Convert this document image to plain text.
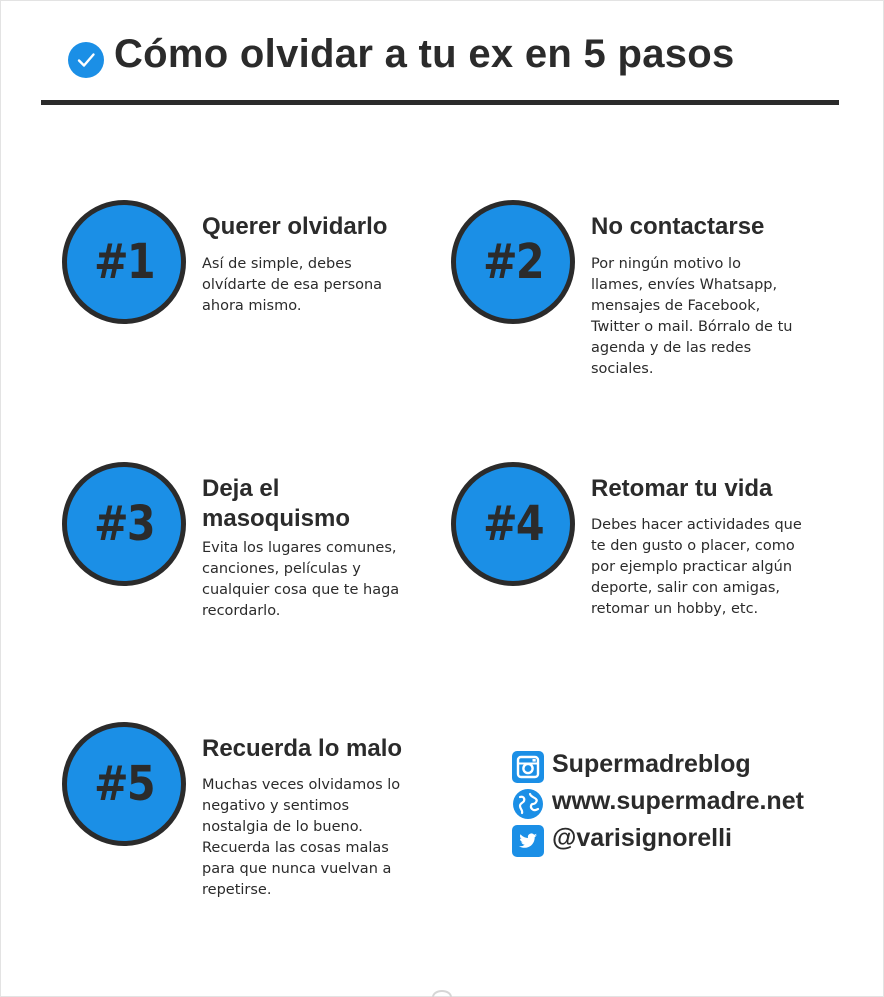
Cómo olvidar a tu ex en 5 pasos
#1
Querer olvidarlo

Así de simple, debes olvídarte de esa persona ahora mismo.

#2
No contactarse

Por ningún motivo lo llames, envíes Whatsapp, mensajes de Facebook, Twitter o mail. Bórralo de tu agenda y de las redes sociales.

#3
Deja el masoquismo

Evita los lugares comunes, canciones, películas y cualquier cosa que te haga recordarlo.

#4
Retomar tu vida

Debes hacer actividades que te den gusto o placer, como por ejemplo practicar algún deporte, salir con amigas, retomar un hobby, etc.

#5
Recuerda lo malo

Muchas veces olvidamos lo negativo y sentimos nostalgia de lo bueno. Recuerda las cosas malas para que nunca vuelvan a repetirse.

Supermadreblog
www.supermadre.net
@varisignorelli
